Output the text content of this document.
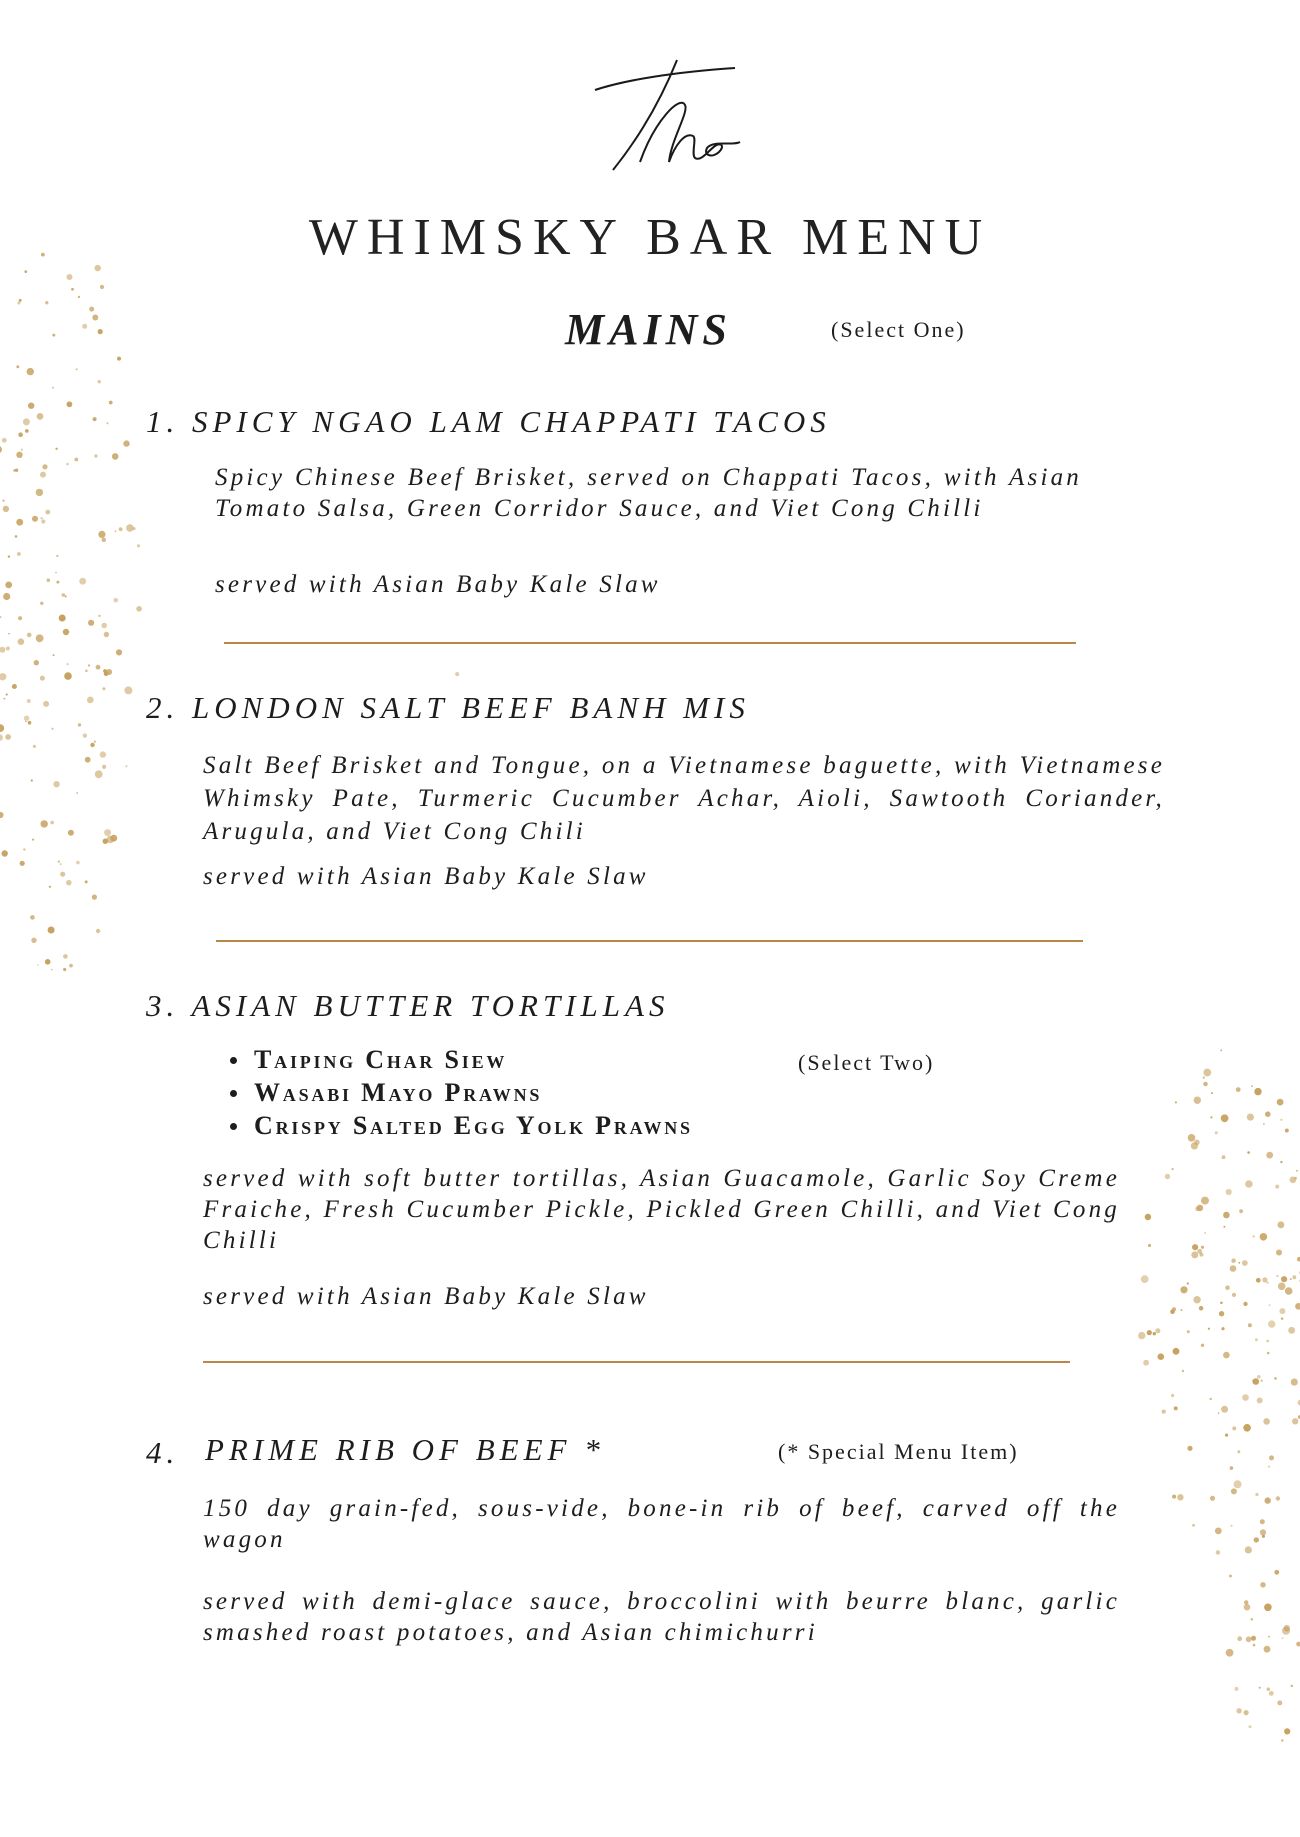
WHIMSKY BAR MENU
MAINS	(Select One)
1. SPICY NGAO LAM CHAPPATI TACOS
Spicy Chinese Beef Brisket, served on Chappati Tacos, with Asian Tomato Salsa, Green Corridor Sauce, and Viet Cong Chilli
served with Asian Baby Kale Slaw
2. LONDON SALT BEEF BANH MIS
Salt Beef Brisket and Tongue, on a Vietnamese baguette, with Vietnamese Whimsky Pate, Turmeric Cucumber Achar, Aioli, Sawtooth Coriander, Arugula, and Viet Cong Chili
served with Asian Baby Kale Slaw
3. ASIAN BUTTER TORTILLAS
Taiping Char Siew
Wasabi Mayo Prawns
Crispy Salted Egg Yolk Prawns
(Select Two)
served with soft butter tortillas, Asian Guacamole, Garlic Soy Creme Fraiche, Fresh Cucumber Pickle, Pickled Green Chilli, and Viet Cong Chilli
served with Asian Baby Kale Slaw
4. PRIME RIB OF BEEF *	(* Special Menu Item)
150 day grain-fed, sous-vide, bone-in rib of beef, carved off the wagon
served with demi-glace sauce, broccolini with beurre blanc, garlic smashed roast potatoes, and Asian chimichurri
